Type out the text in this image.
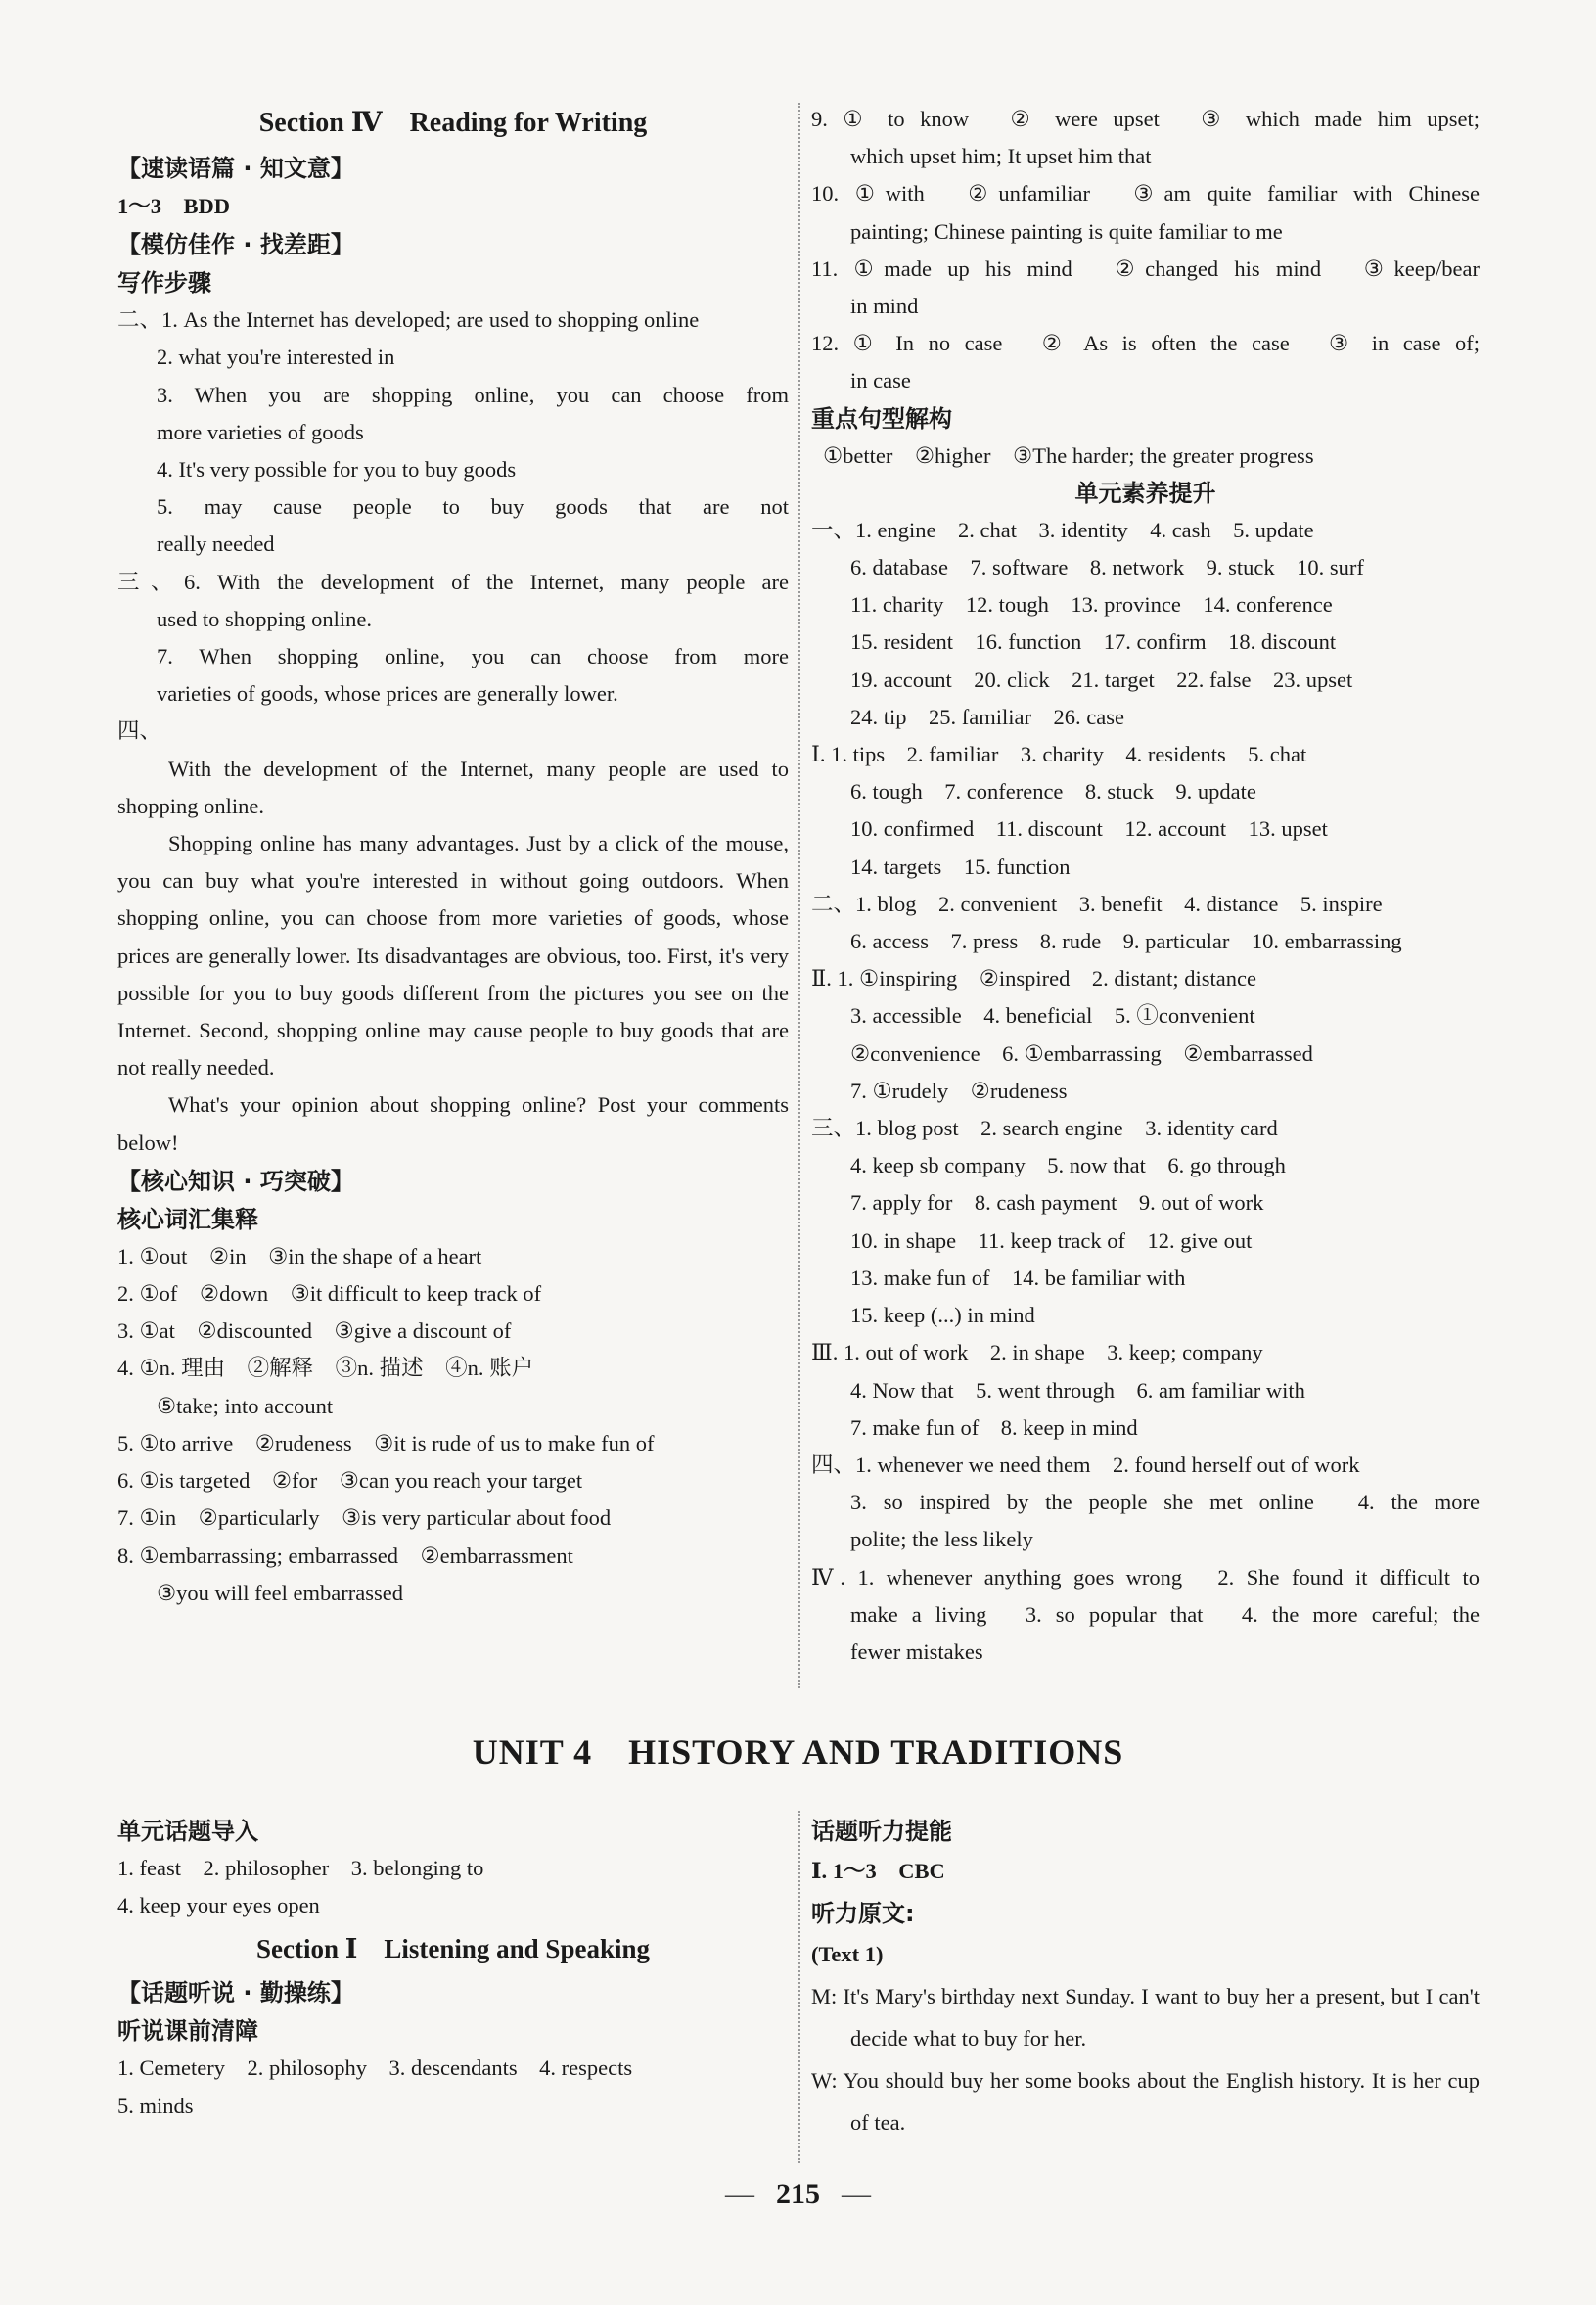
Section Ⅳ　Reading for Writing

【速读语篇 · 知文意】
1～3　BDD
【模仿佳作 · 找差距】
写作步骤

二、1. As the Internet has developed; are used to shopping online

2. what you're interested in

3. When you are shopping online, you can choose from

more varieties of goods

4. It's very possible for you to buy goods

5. may cause people to buy goods that are not

really needed

三、6. With the development of the Internet, many people are

used to shopping online.

7. When shopping online, you can choose from more

varieties of goods, whose prices are generally lower.

四、

With the development of the Internet, many people are used to shopping online.

Shopping online has many advantages. Just by a click of the mouse, you can buy what you're interested in without going outdoors. When shopping online, you can choose from more varieties of goods, whose prices are generally lower. Its disadvantages are obvious, too. First, it's very possible for you to buy goods different from the pictures you see on the Internet. Second, shopping online may cause people to buy goods that are not really needed.

What's your opinion about shopping online? Post your comments below!

【核心知识 · 巧突破】
核心词汇集释

1. ①out　②in　③in the shape of a heart

2. ①of　②down　③it difficult to keep track of

3. ①at　②discounted　③give a discount of

4. ①n. 理由　②解释　③n. 描述　④n. 账户

⑤take; into account

5. ①to arrive　②rudeness　③it is rude of us to make fun of

6. ①is targeted　②for　③can you reach your target

7. ①in　②particularly　③is very particular about food

8. ①embarrassing; embarrassed　②embarrassment

③you will feel embarrassed

9. ① to know　② were upset　③ which made him upset;

which upset him; It upset him that

10. ①with　②unfamiliar　③am quite familiar with Chinese

painting; Chinese painting is quite familiar to me

11. ①made up his mind　②changed his mind　③keep/bear

in mind

12. ① In no case　② As is often the case　③ in case of;

in case

重点句型解构

①better　②higher　③The harder; the greater progress

单元素养提升

一、1. engine　2. chat　3. identity　4. cash　5. update

6. database　7. software　8. network　9. stuck　10. surf

11. charity　12. tough　13. province　14. conference

15. resident　16. function　17. confirm　18. discount

19. account　20. click　21. target　22. false　23. upset

24. tip　25. familiar　26. case

Ⅰ. 1. tips　2. familiar　3. charity　4. residents　5. chat

6. tough　7. conference　8. stuck　9. update

10. confirmed　11. discount　12. account　13. upset

14. targets　15. function

二、1. blog　2. convenient　3. benefit　4. distance　5. inspire

6. access　7. press　8. rude　9. particular　10. embarrassing

Ⅱ. 1. ①inspiring　②inspired　2. distant; distance

3. accessible　4. beneficial　5. ①convenient

②convenience　6. ①embarrassing　②embarrassed

7. ①rudely　②rudeness

三、1. blog post　2. search engine　3. identity card

4. keep sb company　5. now that　6. go through

7. apply for　8. cash payment　9. out of work

10. in shape　11. keep track of　12. give out

13. make fun of　14. be familiar with

15. keep (...) in mind

Ⅲ. 1. out of work　2. in shape　3. keep; company

4. Now that　5. went through　6. am familiar with

7. make fun of　8. keep in mind

四、1. whenever we need them　2. found herself out of work

3. so inspired by the people she met online　4. the more

polite; the less likely

Ⅳ. 1. whenever anything goes wrong　2. She found it difficult to

make a living　3. so popular that　4. the more careful; the

fewer mistakes

UNIT 4　HISTORY AND TRADITIONS
单元话题导入

1. feast　2. philosopher　3. belonging to

4. keep your eyes open

Section Ⅰ　Listening and Speaking

【话题听说 · 勤操练】
听说课前清障

1. Cemetery　2. philosophy　3. descendants　4. respects

5. minds

话题听力提能
Ⅰ. 1～3　CBC
听力原文:
(Text 1)

M: It's Mary's birthday next Sunday. I want to buy her a present, but I can't decide what to buy for her.

W: You should buy her some books about the English history. It is her cup of tea.

— 215 —
